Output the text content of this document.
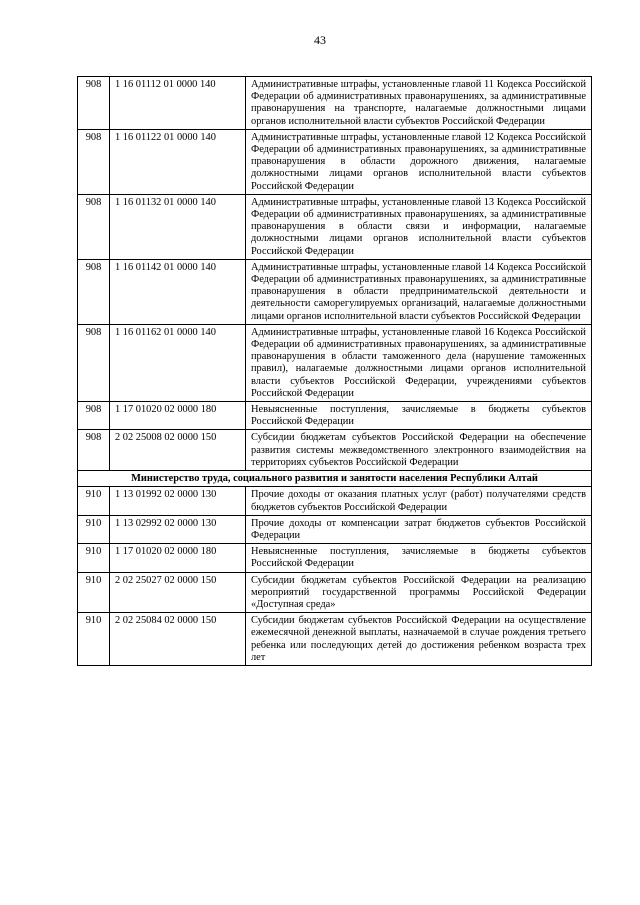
43
908	1 16 01112 01 0000 140	Административные штрафы, установленные главой 11 Кодекса Российской Федерации об административных правонарушениях, за административные правонарушения на транспорте, налагаемые должностными лицами органов исполнительной власти субъектов Российской Федерации
908	1 16 01122 01 0000 140	Административные штрафы, установленные главой 12 Кодекса Российской Федерации об административных правонарушениях, за административные правонарушения в области дорожного движения, налагаемые должностными лицами органов исполнительной власти субъектов Российской Федерации
908	1 16 01132 01 0000 140	Административные штрафы, установленные главой 13 Кодекса Российской Федерации об административных правонарушениях, за административные правонарушения в области связи и информации, налагаемые должностными лицами органов исполнительной власти субъектов Российской Федерации
908	1 16 01142 01 0000 140	Административные штрафы, установленные главой 14 Кодекса Российской Федерации об административных правонарушениях, за административные правонарушения в области предпринимательской деятельности и деятельности саморегулируемых организаций, налагаемые должностными лицами органов исполнительной власти субъектов Российской Федерации
908	1 16 01162 01 0000 140	Административные штрафы, установленные главой 16 Кодекса Российской Федерации об административных правонарушениях, за административные правонарушения в области таможенного дела (нарушение таможенных правил), налагаемые должностными лицами органов исполнительной власти субъектов Российской Федерации, учреждениями субъектов Российской Федерации
908	1 17 01020 02 0000 180	Невыясненные поступления, зачисляемые в бюджеты субъектов Российской Федерации
908	2 02 25008 02 0000 150	Субсидии бюджетам субъектов Российской Федерации на обеспечение развития системы межведомственного электронного взаимодействия на территориях субъектов Российской Федерации
Министерство труда, социального развития и занятости населения Республики Алтай		
910	1 13 01992 02 0000 130	Прочие доходы от оказания платных услуг (работ) получателями средств бюджетов субъектов Российской Федерации
910	1 13 02992 02 0000 130	Прочие доходы от компенсации затрат бюджетов субъектов Российской Федерации
910	1 17 01020 02 0000 180	Невыясненные поступления, зачисляемые в бюджеты субъектов Российской Федерации
910	2 02 25027 02 0000 150	Субсидии бюджетам субъектов Российской Федерации на реализацию мероприятий государственной программы Российской Федерации «Доступная среда»
910	2 02 25084 02 0000 150	Субсидии бюджетам субъектов Российской Федерации на осуществление ежемесячной денежной выплаты, назначаемой в случае рождения третьего ребенка или последующих детей до достижения ребенком возраста трех лет
